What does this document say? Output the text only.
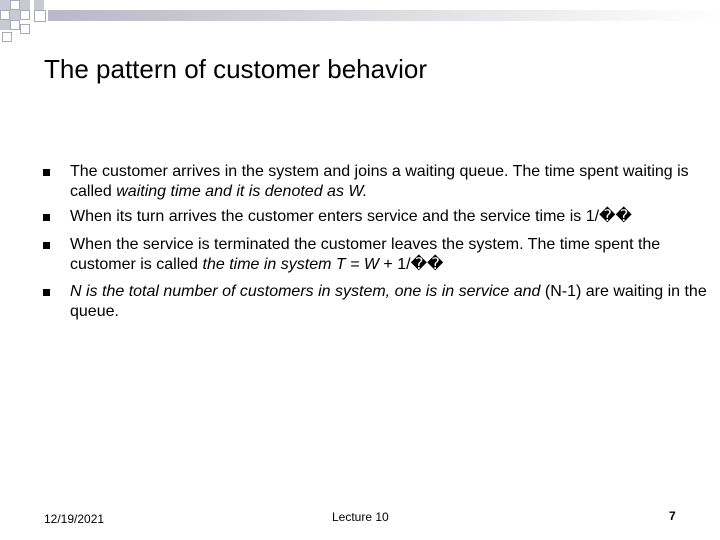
The pattern of customer behavior
The customer arrives in the system and joins a waiting queue. The time spent waiting is called waiting time and it is denoted as W.
When its turn arrives the customer enters service and the service time is 1/��
When the service is terminated the customer leaves the system. The time spent the customer is called the time in system T = W + 1/��
N is the total number of customers in system, one is in service and (N-1) are waiting in the queue.
12/19/2021	Lecture 10	7
